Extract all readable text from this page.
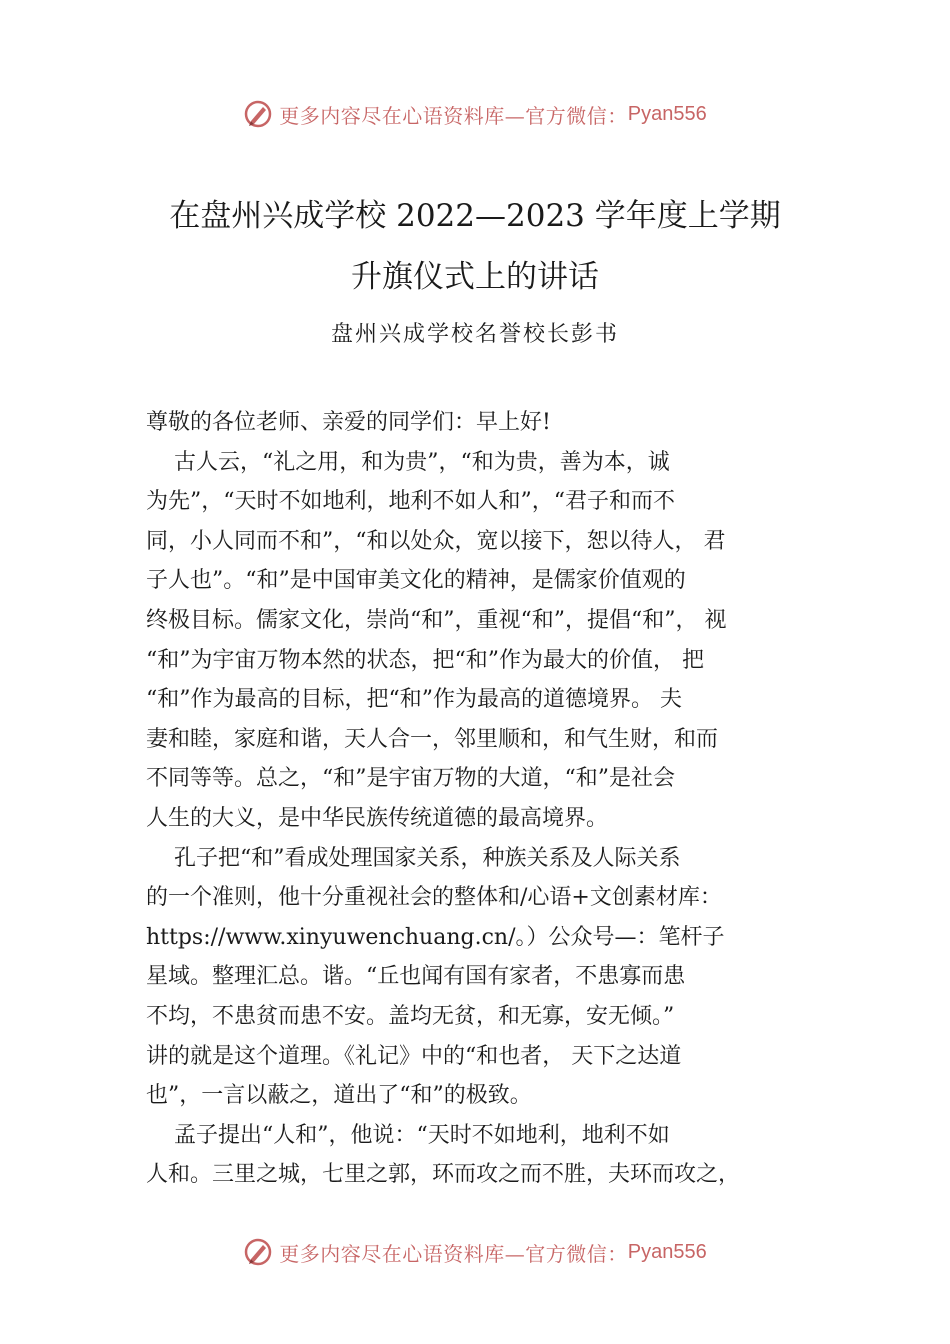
更多内容尽在心语资料库—官方微信： Pyan556
在盘州兴成学校 2022—2023 学年度上学期
升旗仪式上的讲话
盘州兴成学校名誉校长彭书
尊敬的各位老师、亲爱的同学们：早上好!
古人云，“礼之用，和为贵”，“和为贵，善为本，诚
为先”，“天时不如地利，地利不如人和”，“君子和而不
同，小人同而不和”，“和以处众，宽以接下，恕以待人， 君
子人也”。“和”是中国审美文化的精神，是儒家价值观的
终极目标。儒家文化，崇尚“和”，重视“和”，提倡“和”， 视
“和”为宇宙万物本然的状态，把“和”作为最大的价值， 把
“和”作为最高的目标，把“和”作为最高的道德境界。 夫
妻和睦，家庭和谐，天人合一，邻里顺和，和气生财，和而
不同等等。总之，“和”是宇宙万物的大道，“和”是社会
人生的大义，是中华民族传统道德的最高境界。
孔子把“和”看成处理国家关系，种族关系及人际关系
的一个准则，他十分重视社会的整体和/心语+文创素材库：
https://www.xinyuwenchuang.cn/。）公众号—：笔杆子
星域。整理汇总。谐。“丘也闻有国有家者，不患寡而患
不均，不患贫而患不安。盖均无贫，和无寡，安无倾。”
讲的就是这个道理。《礼记》中的“和也者， 天下之达道
也”，一言以蔽之，道出了“和”的极致。
孟子提出“人和”，他说：“天时不如地利，地利不如
人和。三里之城，七里之郭，环而攻之而不胜，夫环而攻之，
更多内容尽在心语资料库—官方微信： Pyan556
